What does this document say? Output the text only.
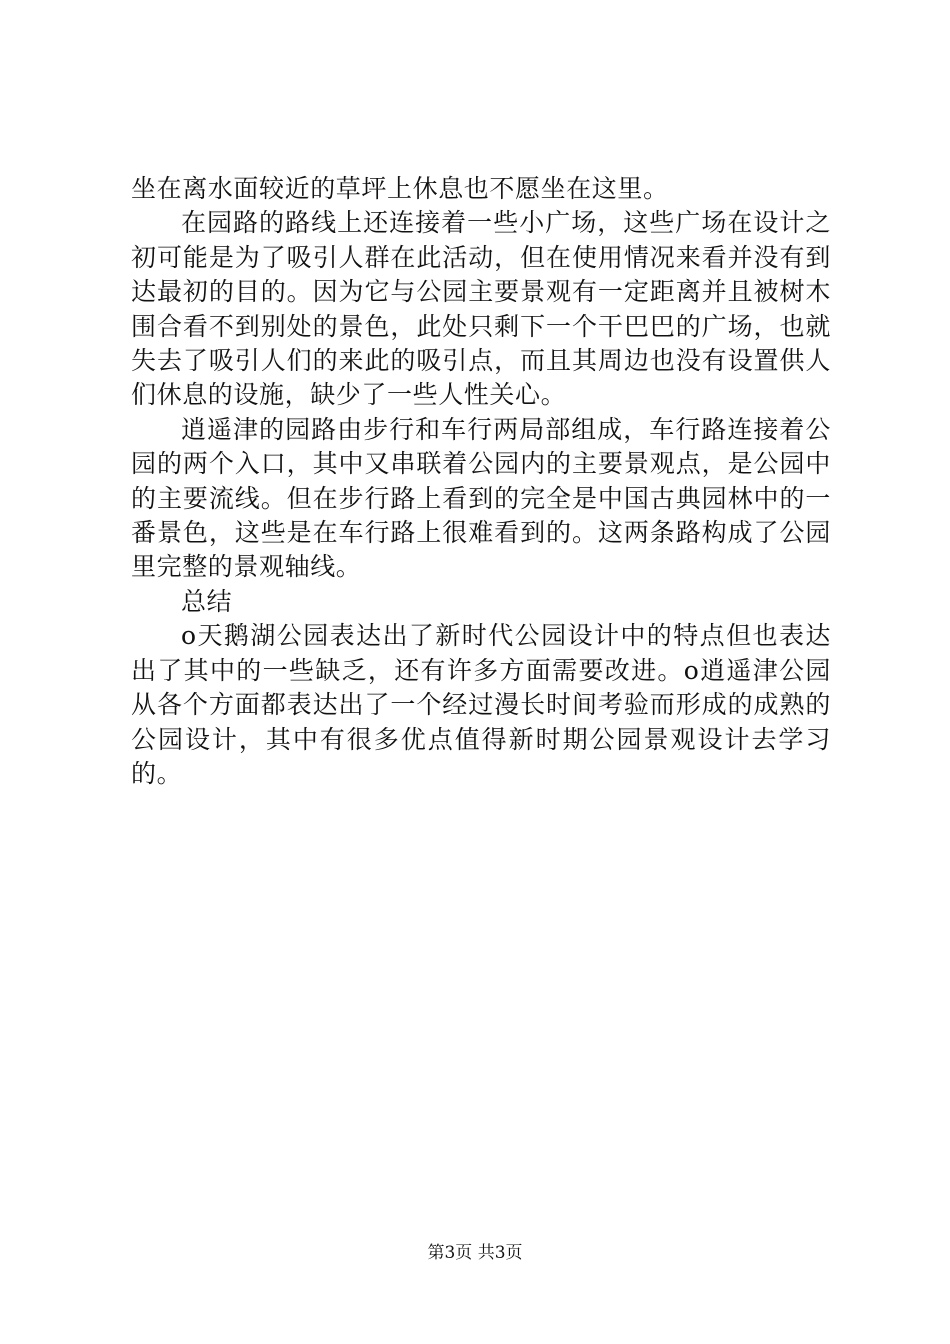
坐在离水面较近的草坪上休息也不愿坐在这里。

在园路的路线上还连接着一些小广场，这些广场在设计之初可能是为了吸引人群在此活动，但在使用情况来看并没有到达最初的目的。因为它与公园主要景观有一定距离并且被树木围合看不到别处的景色，此处只剩下一个干巴巴的广场，也就失去了吸引人们的来此的吸引点，而且其周边也没有设置供人们休息的设施，缺少了一些人性关心。

逍遥津的园路由步行和车行两局部组成，车行路连接着公园的两个入口，其中又串联着公园内的主要景观点，是公园中的主要流线。但在步行路上看到的完全是中国古典园林中的一番景色，这些是在车行路上很难看到的。这两条路构成了公园里完整的景观轴线。

总结

o天鹅湖公园表达出了新时代公园设计中的特点但也表达出了其中的一些缺乏，还有许多方面需要改进。o逍遥津公园从各个方面都表达出了一个经过漫长时间考验而形成的成熟的公园设计，其中有很多优点值得新时期公园景观设计去学习的。

第3页 共3页
